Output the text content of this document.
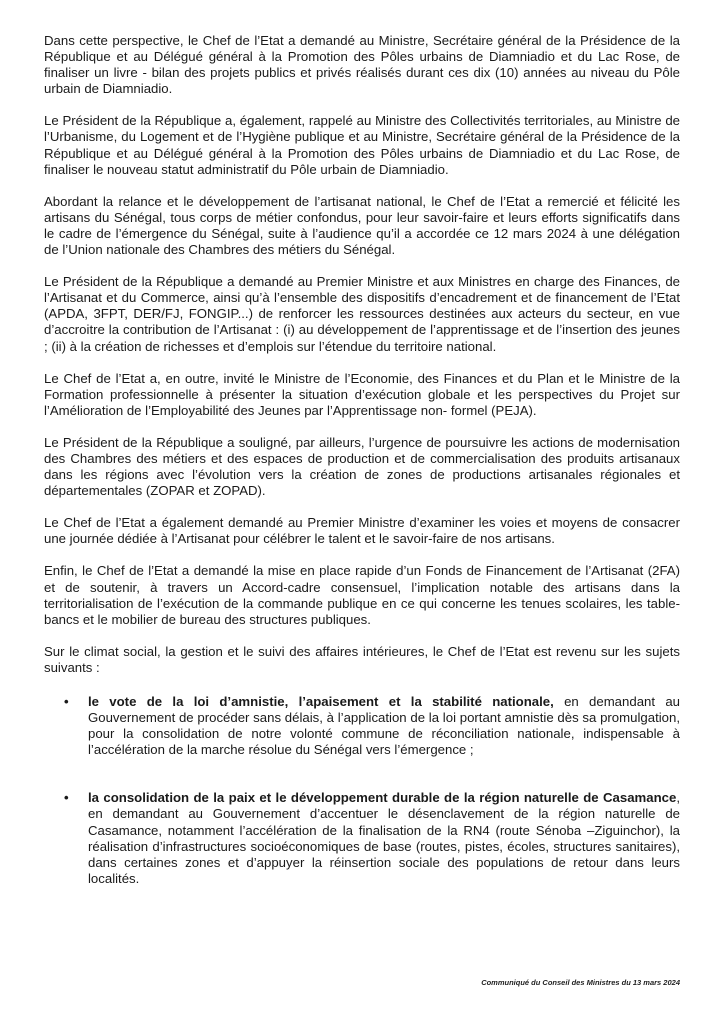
Dans cette perspective, le Chef de l’Etat a demandé au Ministre, Secrétaire général de la Présidence de la République et au Délégué général à la Promotion des Pôles urbains de Diamniadio et du Lac Rose, de finaliser un livre - bilan des projets publics et privés réalisés durant ces dix (10) années au niveau du Pôle urbain de Diamniadio.

Le Président de la République a, également, rappelé au Ministre des Collectivités territoriales, au Ministre de l’Urbanisme, du Logement et de l’Hygiène publique et au Ministre, Secrétaire général de la Présidence de la République et au Délégué général à la Promotion des Pôles urbains de Diamniadio et du Lac Rose, de finaliser le nouveau statut administratif du Pôle urbain de Diamniadio.

Abordant la relance et le développement de l’artisanat national, le Chef de l’Etat a remercié et félicité les artisans du Sénégal, tous corps de métier confondus, pour leur savoir-faire et leurs efforts significatifs dans le cadre de l’émergence du Sénégal, suite à l’audience qu’il a accordée ce 12 mars 2024 à une délégation de l’Union nationale des Chambres des métiers du Sénégal.

Le Président de la République a demandé au Premier Ministre et aux Ministres en charge des Finances, de l’Artisanat et du Commerce, ainsi qu’à l’ensemble des dispositifs d’encadrement et de financement de l’Etat (APDA, 3FPT, DER/FJ, FONGIP...) de renforcer les ressources destinées aux acteurs du secteur, en vue d’accroitre la contribution de l’Artisanat : (i) au développement de l’apprentissage et de l’insertion des jeunes ; (ii) à la création de richesses et d’emplois sur l’étendue du territoire national.

Le Chef de l’Etat a, en outre, invité le Ministre de l’Economie, des Finances et du Plan et le Ministre de la Formation professionnelle à présenter la situation d’exécution globale et les perspectives du Projet sur l’Amélioration de l’Employabilité des Jeunes par l’Apprentissage non- formel (PEJA).

Le Président de la République a souligné, par ailleurs, l’urgence de poursuivre les actions de modernisation des Chambres des métiers et des espaces de production et de commercialisation des produits artisanaux dans les régions avec l’évolution vers la création de zones de productions artisanales régionales et départementales (ZOPAR et ZOPAD).

Le Chef de l’Etat a également demandé au Premier Ministre d’examiner les voies et moyens de consacrer une journée dédiée à l’Artisanat pour célébrer le talent et le savoir-faire de nos artisans.

Enfin, le Chef de l’Etat a demandé la mise en place rapide d’un Fonds de Financement de l’Artisanat (2FA) et de soutenir, à travers un Accord-cadre consensuel, l’implication notable des artisans dans la territorialisation de l’exécution de la commande publique en ce qui concerne les tenues scolaires, les table-bancs et le mobilier de bureau des structures publiques.

Sur le climat social, la gestion et le suivi des affaires intérieures, le Chef de l’Etat est revenu sur les sujets suivants :

• le vote de la loi d’amnistie, l’apaisement et la stabilité nationale, en demandant au Gouvernement de procéder sans délais, à l’application de la loi portant amnistie dès sa promulgation, pour la consolidation de notre volonté commune de réconciliation nationale, indispensable à l’accélération de la marche résolue du Sénégal vers l’émergence ;
• la consolidation de la paix et le développement durable de la région naturelle de Casamance, en demandant au Gouvernement d’accentuer le désenclavement de la région naturelle de Casamance, notamment l’accélération de la finalisation de la RN4 (route Sénoba –Ziguinchor), la réalisation d’infrastructures socioéconomiques de base (routes, pistes, écoles, structures sanitaires), dans certaines zones et d’appuyer la réinsertion sociale des populations de retour dans leurs localités.
Communiqué du Conseil des Ministres du 13 mars 2024
